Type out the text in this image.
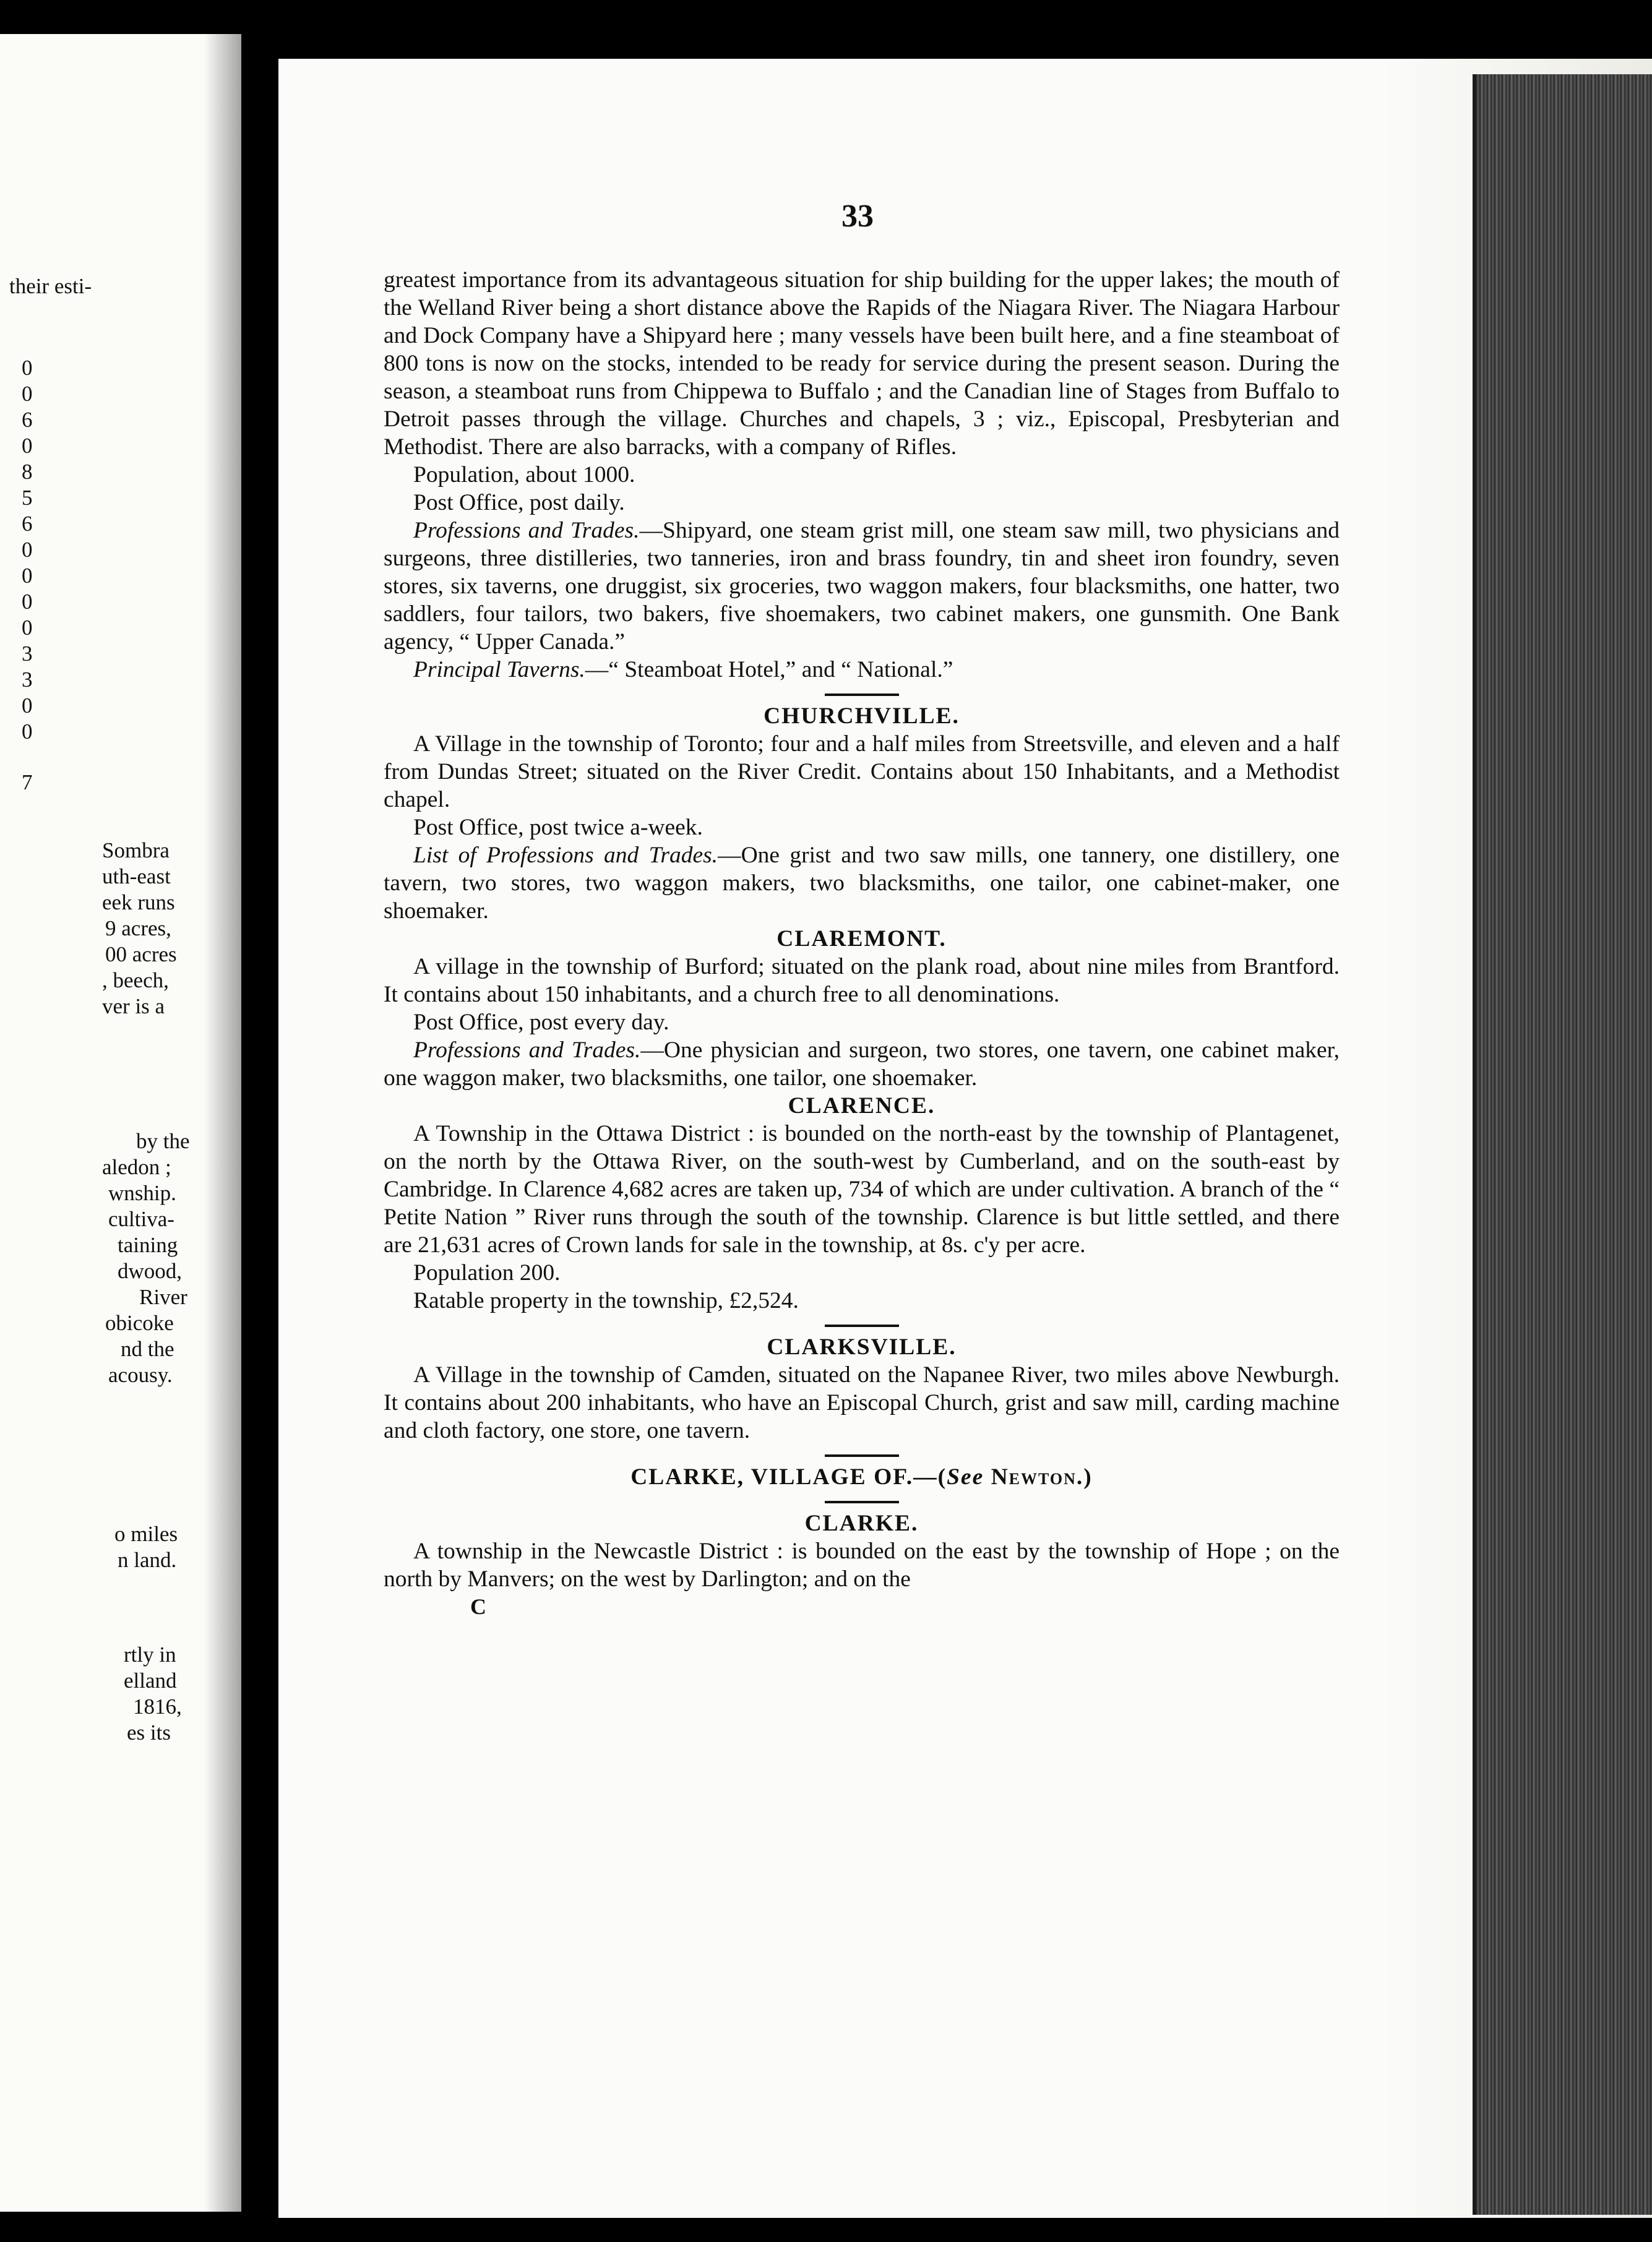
their esti-
0
0
6
0
8
5
6
0
0
0
0
3
3
0
0
7
Sombra
uth-east
eek runs
9 acres,
00 acres
, beech,
ver is a
by the
aledon ;
wnship.
cultiva-
taining
dwood,
River
obicoke
nd the
acousy.
o miles
n land.
rtly in
elland
1816,
es its
33

greatest importance from its advantageous situation for ship building for the upper lakes; the mouth of the Welland River being a short distance above the Rapids of the Niagara River. The Niagara Harbour and Dock Company have a Shipyard here ; many vessels have been built here, and a fine steamboat of 800 tons is now on the stocks, intended to be ready for service during the present season. During the season, a steamboat runs from Chippewa to Buffalo ; and the Canadian line of Stages from Buffalo to Detroit passes through the village. Churches and chapels, 3 ; viz., Episcopal, Presbyterian and Methodist. There are also barracks, with a company of Rifles.

Population, about 1000.

Post Office, post daily.

Professions and Trades.—Shipyard, one steam grist mill, one steam saw mill, two physicians and surgeons, three distilleries, two tanneries, iron and brass foundry, tin and sheet iron foundry, seven stores, six taverns, one druggist, six groceries, two waggon makers, four blacksmiths, one hatter, two saddlers, four tailors, two bakers, five shoemakers, two cabinet makers, one gunsmith. One Bank agency, “ Upper Canada.”

Principal Taverns.—“ Steamboat Hotel,” and “ National.”

CHURCHVILLE.

A Village in the township of Toronto; four and a half miles from Streetsville, and eleven and a half from Dundas Street; situated on the River Credit. Contains about 150 Inhabitants, and a Methodist chapel.

Post Office, post twice a-week.

List of Professions and Trades.—One grist and two saw mills, one tannery, one distillery, one tavern, two stores, two waggon makers, two blacksmiths, one tailor, one cabinet-maker, one shoemaker.

CLAREMONT.

A village in the township of Burford; situated on the plank road, about nine miles from Brantford. It contains about 150 inhabitants, and a church free to all denominations.

Post Office, post every day.

Professions and Trades.—One physician and surgeon, two stores, one tavern, one cabinet maker, one waggon maker, two blacksmiths, one tailor, one shoemaker.

CLARENCE.

A Township in the Ottawa District : is bounded on the north-east by the township of Plantagenet, on the north by the Ottawa River, on the south-west by Cumberland, and on the south-east by Cambridge. In Clarence 4,682 acres are taken up, 734 of which are under cultivation. A branch of the “ Petite Nation ” River runs through the south of the township. Clarence is but little settled, and there are 21,631 acres of Crown lands for sale in the township, at 8s. c'y per acre.

Population 200.

Ratable property in the township, £2,524.

CLARKSVILLE.

A Village in the township of Camden, situated on the Napanee River, two miles above Newburgh. It contains about 200 inhabitants, who have an Episcopal Church, grist and saw mill, carding machine and cloth factory, one store, one tavern.

CLARKE, VILLAGE OF.—(See Newton.)

CLARKE.

A township in the Newcastle District : is bounded on the east by the township of Hope ; on the north by Manvers; on the west by Darlington; and on the

C
